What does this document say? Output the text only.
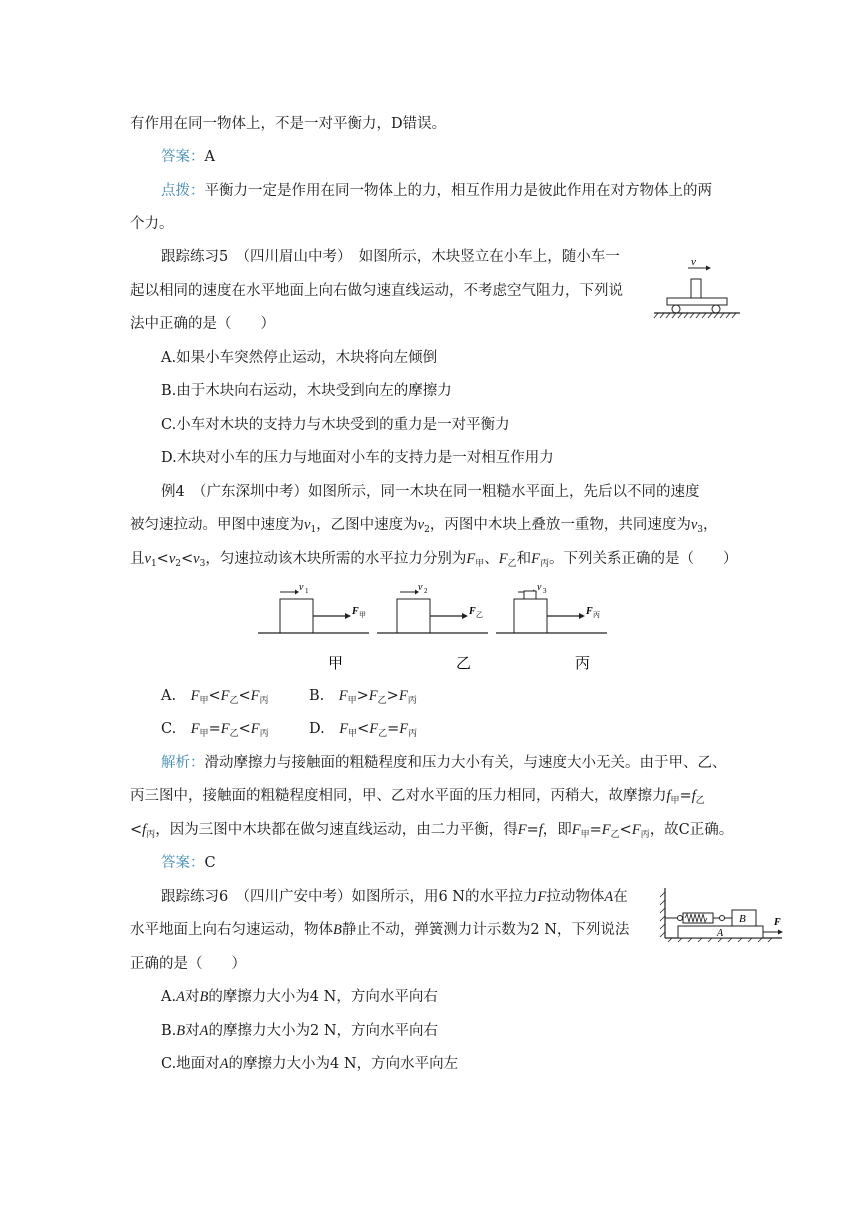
有作用在同一物体上，不是一对平衡力，D错误。
答案：A
点拨：平衡力一定是作用在同一物体上的力，相互作用力是彼此作用在对方物体上的两
个力。
跟踪练习5　（四川眉山中考）　如图所示，木块竖立在小车上，随小车一
起以相同的速度在水平地面上向右做匀速直线运动，不考虑空气阻力，下列说
法中正确的是（　　）
A.如果小车突然停止运动，木块将向左倾倒
B.由于木块向右运动，木块受到向左的摩擦力
C.小车对木块的支持力与木块受到的重力是一对平衡力
D.木块对小车的压力与地面对小车的支持力是一对相互作用力
v
例4　（广东深圳中考）如图所示，同一木块在同一粗糙水平面上，先后以不同的速度
被匀速拉动。甲图中速度为$v_1$，乙图中速度为$v_2$，丙图中木块上叠放一重物，共同速度为$v_3$，
且$v_1<v_2<v_3$，匀速拉动该木块所需的水平拉力分别为$F_甲$、$F_乙$和$F_丙$。下列关系正确的是（　　）
v 1	v 2	v 3
F	F	F
甲	乙	丙
甲	乙	丙
A.　 $F_甲<F_乙<F_丙$	B.　 $F_甲>F_乙>F_丙$
C.　 $F_甲=F_乙<F_丙$	D.　 $F_甲<F_乙=F_丙$
解析：滑动摩擦力与接触面的粗糙程度和压力大小有关，与速度大小无关。由于甲、乙、
丙三图中，接触面的粗糙程度相同，甲、乙对水平面的压力相同，丙稍大，故摩擦力$f_甲=f_乙$
$<f_丙$，因为三图中木块都在做匀速直线运动，由二力平衡，得F=f，即$F_甲=F_乙<F_丙$，故C正确。
答案：C
跟踪练习6　（四川广安中考）如图所示，用6 N的水平拉力F拉动物体A在
水平地面上向右匀速运动，物体B静止不动，弹簧测力计示数为2 N，下列说法
正确的是（　　）
A.A对B的摩擦力大小为4 N，方向水平向右
B.B对A的摩擦力大小为2 N，方向水平向右
C.地面对A的摩擦力大小为4 N，方向水平向左
B
A
F
